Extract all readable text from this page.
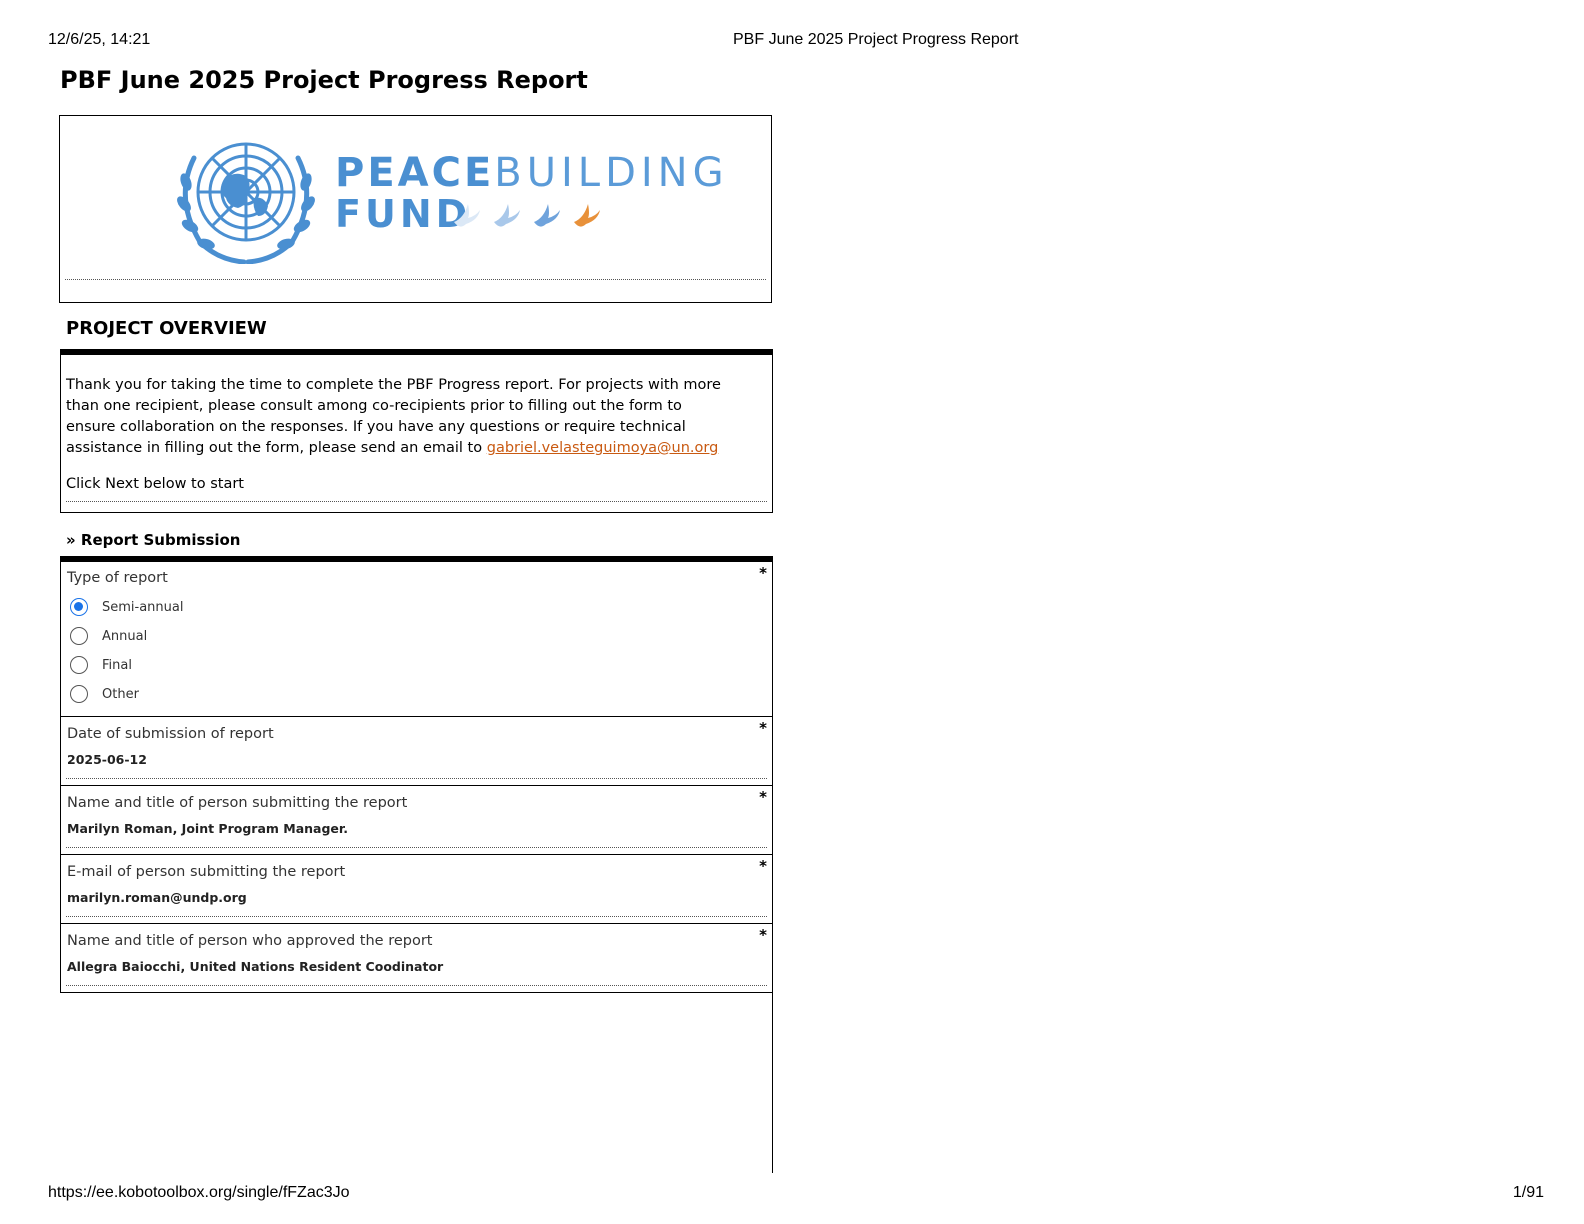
12/6/25, 14:21	PBF June 2025 Project Progress Report
PBF June 2025 Project Progress Report
PEACEBUILDING
FUND
PROJECT OVERVIEW
Thank you for taking the time to complete the PBF Progress report. For projects with more than one recipient, please consult among co-recipients prior to filling out the form to ensure collaboration on the responses. If you have any questions or require technical assistance in filling out the form, please send an email to gabriel.velasteguimoya@un.org
Click Next below to start
» Report Submission
*
Type of report
Semi-annual
Annual
Final
Other
*
Date of submission of report
2025-06-12
*
Name and title of person submitting the report
Marilyn Roman, Joint Program Manager.
*
E-mail of person submitting the report
marilyn.roman@undp.org
*
Name and title of person who approved the report
Allegra Baiocchi, United Nations Resident Coodinator
https://ee.kobotoolbox.org/single/fFZac3Jo	1/91
